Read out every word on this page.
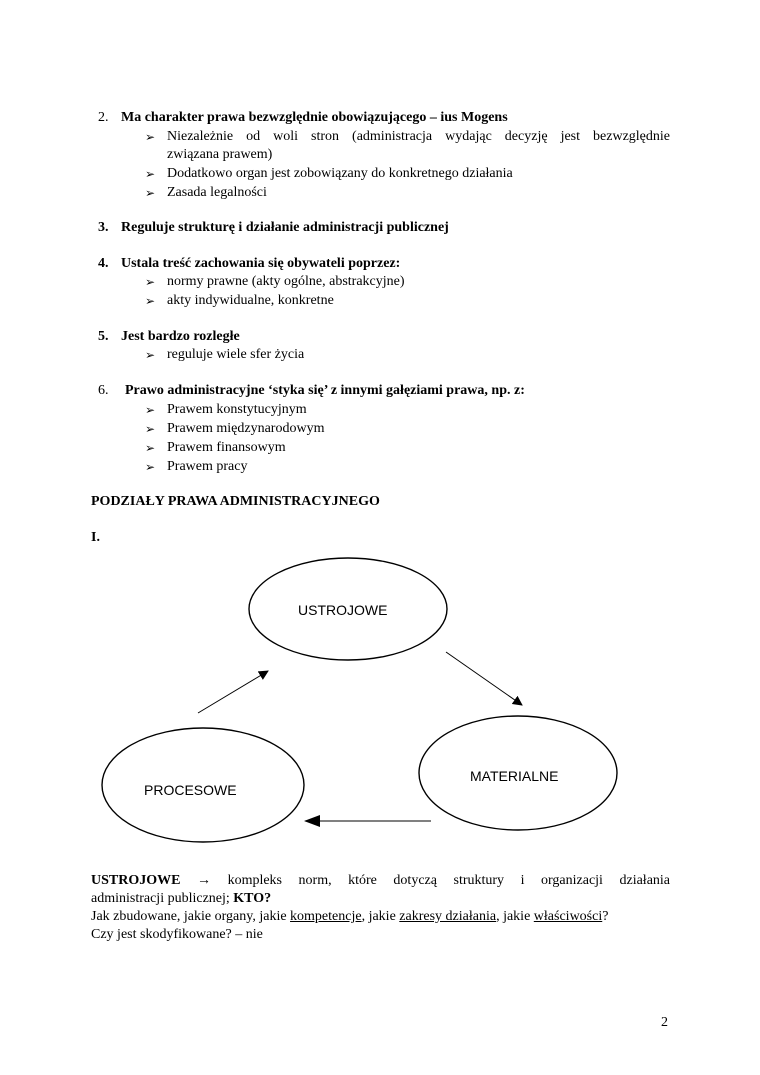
2. Ma charakter prawa bezwzględnie obowiązującego – ius Mogens
➢ Niezależnie od woli stron (administracja wydając decyzję jest bezwzględnie
związana prawem)
➢ Dodatkowo organ jest zobowiązany do konkretnego działania
➢ Zasada legalności
3. Reguluje strukturę i działanie administracji publicznej
4. Ustala treść zachowania się obywateli poprzez:
➢ normy prawne (akty ogólne, abstrakcyjne)
➢ akty indywidualne, konkretne
5. Jest bardzo rozległe
➢ reguluje wiele sfer życia
6. Prawo administracyjne ‘styka się’ z innymi gałęziami prawa, np. z:
➢ Prawem konstytucyjnym
➢ Prawem międzynarodowym
➢ Prawem finansowym
➢ Prawem pracy
PODZIAŁY PRAWA ADMINISTRACYJNEGO
I.
USTROJOWE
MATERIALNE
PROCESOWE
USTROJOWE → kompleks norm, które dotyczą struktury i organizacji działania
administracji publicznej; KTO?
Jak zbudowane, jakie organy, jakie kompetencje, jakie zakresy działania, jakie właściwości?
Czy jest skodyfikowane? – nie
2
